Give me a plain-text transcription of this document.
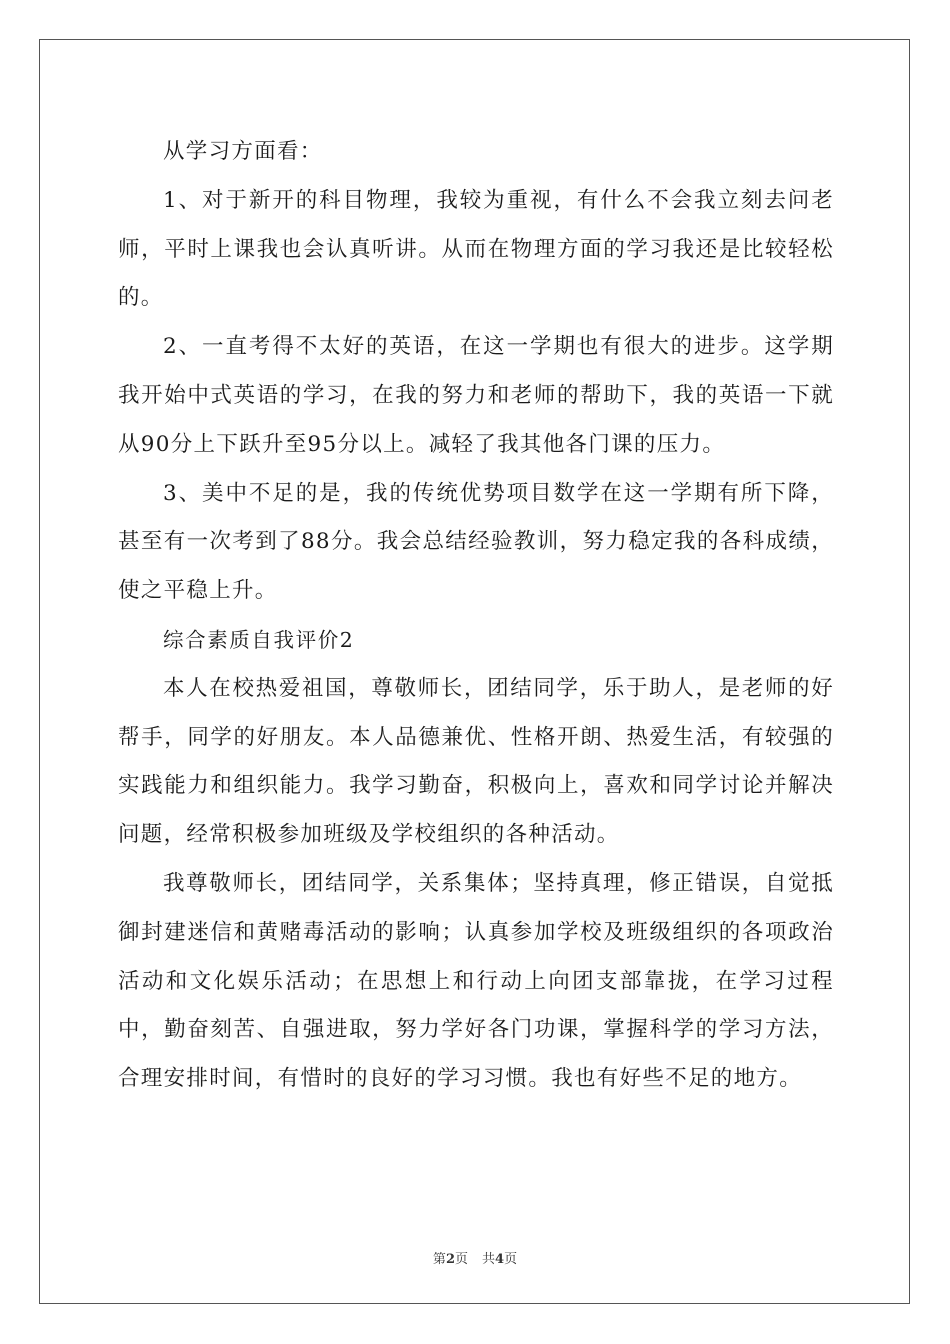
从学习方面看：

1、对于新开的科目物理，我较为重视，有什么不会我立刻去问老师，平时上课我也会认真听讲。从而在物理方面的学习我还是比较轻松的。

2、一直考得不太好的英语，在这一学期也有很大的进步。这学期我开始中式英语的学习，在我的努力和老师的帮助下，我的英语一下就从90分上下跃升至95分以上。减轻了我其他各门课的压力。

3、美中不足的是，我的传统优势项目数学在这一学期有所下降，甚至有一次考到了88分。我会总结经验教训，努力稳定我的各科成绩，使之平稳上升。

综合素质自我评价2

本人在校热爱祖国，尊敬师长，团结同学，乐于助人，是老师的好帮手，同学的好朋友。本人品德兼优、性格开朗、热爱生活，有较强的实践能力和组织能力。我学习勤奋，积极向上，喜欢和同学讨论并解决问题，经常积极参加班级及学校组织的各种活动。

我尊敬师长，团结同学，关系集体；坚持真理，修正错误，自觉抵御封建迷信和黄赌毒活动的影响；认真参加学校及班级组织的各项政治活动和文化娱乐活动；在思想上和行动上向团支部靠拢，在学习过程中，勤奋刻苦、自强进取，努力学好各门功课，掌握科学的学习方法，合理安排时间，有惜时的良好的学习习惯。我也有好些不足的地方。

第2页 共4页
